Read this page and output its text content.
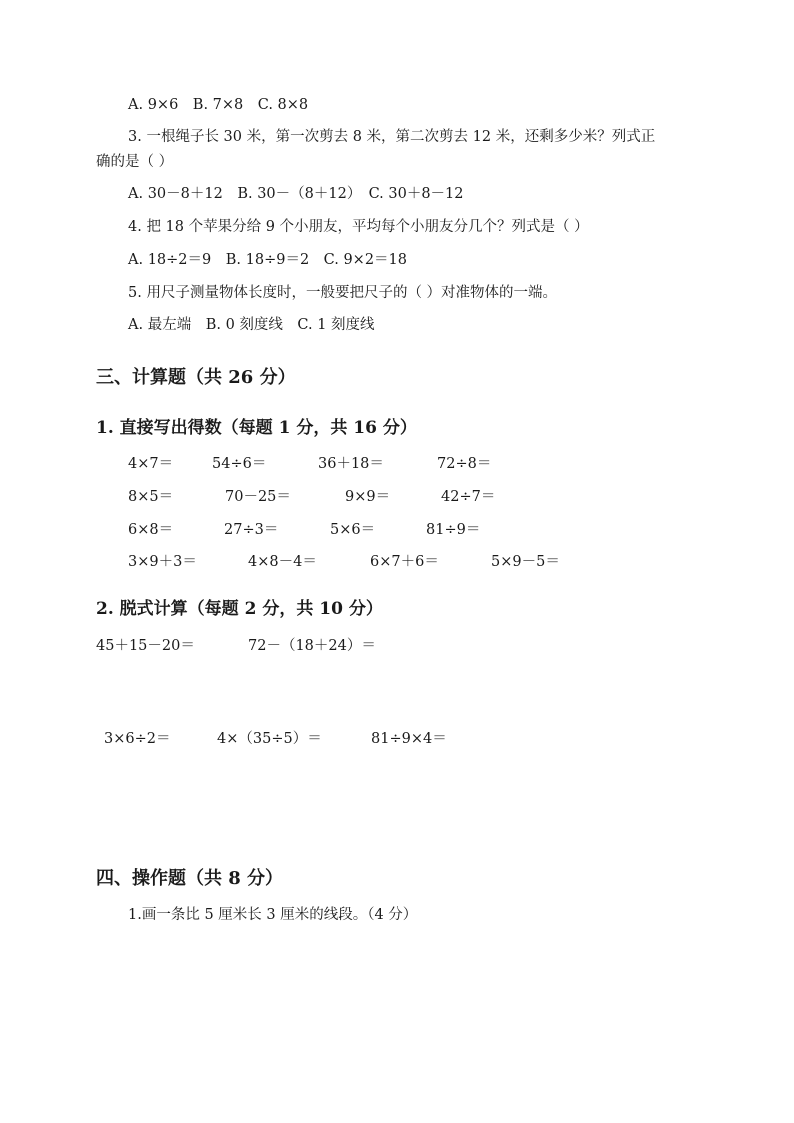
A. 9×6　B. 7×8　C. 8×8
3. 一根绳子长 30 米，第一次剪去 8 米，第二次剪去 12 米，还剩多少米？列式正
确的是（ ）
A. 30－8＋12　B. 30－（8＋12）　C. 30＋8－12
4. 把 18 个苹果分给 9 个小朋友，平均每个小朋友分几个？列式是（ ）
A. 18÷2＝9　B. 18÷9＝2　C. 9×2＝18
5. 用尺子测量物体长度时，一般要把尺子的（ ）对准物体的一端。
A. 最左端　B. 0 刻度线　C. 1 刻度线
三、计算题（共 26 分）
1. 直接写出得数（每题 1 分，共 16 分）
4×7＝	54÷6＝	36＋18＝	72÷8＝
8×5＝	70－25＝	9×9＝	42÷7＝
6×8＝	27÷3＝	5×6＝	81÷9＝
3×9＋3＝	4×8－4＝	6×7＋6＝	5×9－5＝
2. 脱式计算（每题 2 分，共 10 分）
45＋15－20＝	72－（18＋24）＝
3×6÷2＝	4×（35÷5）＝	81÷9×4＝
四、操作题（共 8 分）
1.画一条比 5 厘米长 3 厘米的线段。（4 分）
